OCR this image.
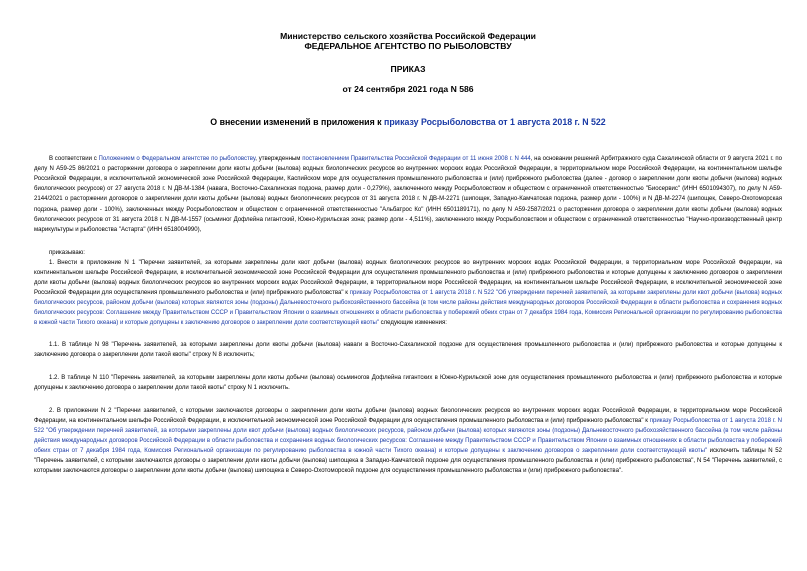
Министерство сельского хозяйства Российской Федерации
ФЕДЕРАЛЬНОЕ АГЕНТСТВО ПО РЫБОЛОВСТВУ
ПРИКАЗ
от 24 сентября 2021 года N 586
О внесении изменений в приложения к приказу Росрыболовства от 1 августа 2018 г. N 522

В соответствии с Положением о Федеральном агентстве по рыболовству, утвержденным постановлением Правительства Российской Федерации от 11 июня 2008 г. N 444, на основании решений Арбитражного суда Сахалинской области от 9 августа 2021 г. по делу N А59-25 86/2021 о расторжении договора о закреплении доли квоты добычи (вылова) водных биологических ресурсов во внутренних морских водах Российской Федерации, в территориальном море Российской Федерации, на континентальном шельфе Российской Федерации, в исключительной экономической зоне Российской Федерации, Каспийском море для осуществления промышленного рыболовства и (или) прибрежного рыболовства (далее - договор о закреплении доли квоты добычи (вылова) водных биологических ресурсов) от 27 августа 2018 г. N ДВ-М-1384 (навага, Восточно-Сахалинская подзона, размер доли - 0,279%), заключенного между Росрыболовством и обществом с ограниченной ответственностью "Биосервис" (ИНН 6501094307), по делу N А59-2144/2021 о расторжении договоров о закреплении доли квоты добычи (вылова) водных биологических ресурсов от 31 августа 2018 г. N ДВ-М-2271 (шипощек, Западно-Камчатская подзона, размер доли - 100%) и N ДВ-М-2274 (шипощек, Северо-Охотоморская подзона, размер доли - 100%), заключенных между Росрыболовством и обществом с ограниченной ответственностью "Альбатрос Ко" (ИНН 6501189171), по делу N А59-2587/2021 о расторжении договора о закреплении доли квоты добычи (вылова) водных биологических ресурсов от 31 августа 2018 г. N ДВ-М-1557 (осьминог Дофлейна гигантский, Южно-Курильская зона; размер доли - 4,511%), заключенного между Росрыболовством и обществом с ограниченной ответственностью "Научно-производственный центр марикультуры и рыболовства "Астарта" (ИНН 6518004990),

приказываю:

1. Внести в приложение N 1 "Перечни заявителей, за которыми закреплены доли квот добычи (вылова) водных биологических ресурсов во внутренних морских водах Российской Федерации, в территориальном море Российской Федерации, на континентальном шельфе Российской Федерации, в исключительной экономической зоне Российской Федерации для осуществления промышленного рыболовства и (или) прибрежного рыболовства и которые допущены к заключению договоров о закреплении доли квоты добычи (вылова) водных биологических ресурсов во внутренних морских водах Российской Федерации, в территориальном море Российской Федерации, на континентальном шельфе Российской Федерации, в исключительной экономической зоне Российской Федерации для осуществления промышленного рыболовства и (или) прибрежного рыболовства" к приказу Росрыболовства от 1 августа 2018 г. N 522 "Об утверждении перечней заявителей, за которыми закреплены доли квот добычи (вылова) водных биологических ресурсов, районом добычи (вылова) которых являются зоны (подзоны) Дальневосточного рыбохозяйственного бассейна (в том числе районы действия международных договоров Российской Федерации в области рыболовства и сохранения водных биологических ресурсов: Соглашение между Правительством СССР и Правительством Японии о взаимных отношениях в области рыболовства у побережий обеих стран от 7 декабря 1984 года, Комиссия Региональной организации по регулированию рыболовства в южной части Тихого океана) и которые допущены к заключению договоров о закреплении доли соответствующей квоты" следующие изменения:

1.1. В таблице N 98 "Перечень заявителей, за которыми закреплены доли квоты добычи (вылова) наваги в Восточно-Сахалинской подзоне для осуществления промышленного рыболовства и (или) прибрежного рыболовства и которые допущены к заключению договора о закреплении доли такой квоты" строку N 8 исключить;

1.2. В таблице N 110 "Перечень заявителей, за которыми закреплены доли квоты добычи (вылова) осьминогов Дофлейна гигантских в Южно-Курильской зоне для осуществления промышленного рыболовства и (или) прибрежного рыболовства и которые допущены к заключению договора о закреплении доли такой квоты" строку N 1 исключить.

2. В приложении N 2 "Перечни заявителей, с которыми заключаются договоры о закреплении доли квоты добычи (вылова) водных биологических ресурсов во внутренних морских водах Российской Федерации, в территориальном море Российской Федерации, на континентальном шельфе Российской Федерации, в исключительной экономической зоне Российской Федерации для осуществления промышленного рыболовства и (или) прибрежного рыболовства" к приказу Росрыболовства от 1 августа 2018 г. N 522 "Об утверждении перечней заявителей, за которыми закреплены доли квот добычи (вылова) водных биологических ресурсов, районом добычи (вылова) которых являются зоны (подзоны) Дальневосточного рыбохозяйственного бассейна (в том числе районы действия международных договоров Российской Федерации в области рыболовства и сохранения водных биологических ресурсов: Соглашение между Правительством СССР и Правительством Японии о взаимных отношениях в области рыболовства у побережий обеих стран от 7 декабря 1984 года, Комиссия Региональной организации по регулированию рыболовства в южной части Тихого океана) и которые допущены к заключению договоров о закреплении доли соответствующей квоты" исключить таблицы N 52 "Перечень заявителей, с которыми заключаются договоры о закреплении доли квоты добычи (вылова) шипощека в Западно-Камчатской подзоне для осуществления промышленного рыболовства и (или) прибрежного рыболовства", N 54 "Перечень заявителей, с которыми заключаются договоры о закреплении доли квоты добычи (вылова) шипощека в Северо-Охотоморской подзоне для осуществления промышленного рыболовства и (или) прибрежного рыболовства".
